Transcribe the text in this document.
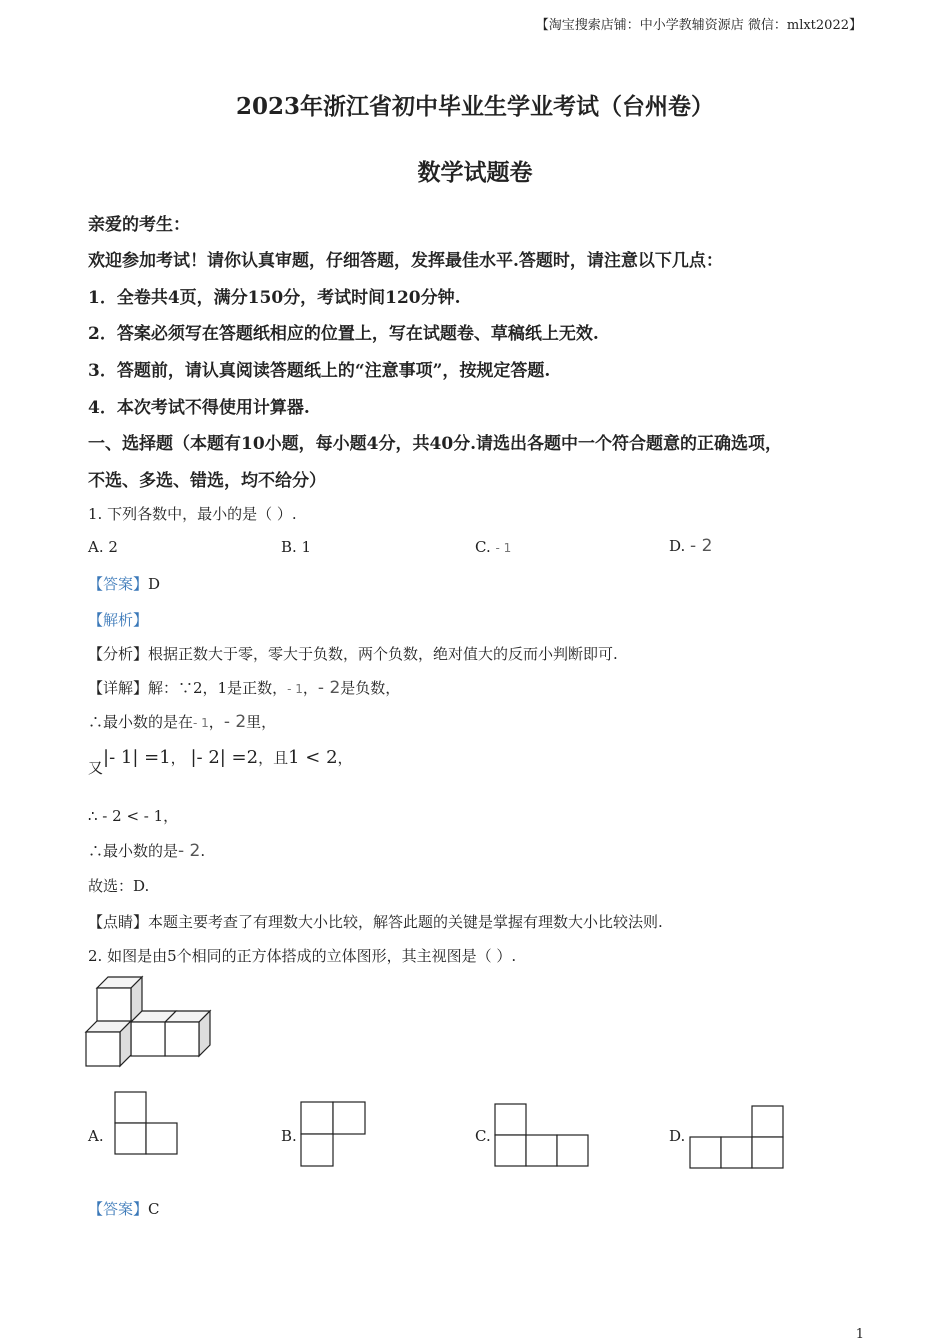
【淘宝搜索店铺：中小学教辅资源店 微信：mlxt2022】
2023年浙江省初中毕业生学业考试（台州卷）
数学试题卷
亲爱的考生：
欢迎参加考试！请你认真审题，仔细答题，发挥最佳水平.答题时，请注意以下几点：
1．全卷共4页，满分150分，考试时间120分钟.
2．答案必须写在答题纸相应的位置上，写在试题卷、草稿纸上无效.
3．答题前，请认真阅读答题纸上的“注意事项”，按规定答题.
4．本次考试不得使用计算器.
一、选择题（本题有10小题，每小题4分，共40分.请选出各题中一个符合题意的正确选项，
不选、多选、错选，均不给分）
1. 下列各数中，最小的是（ ）.
A. 2	B. 1	C. - 1	D. - 2
【答案】D
【解析】
【分析】根据正数大于零，零大于负数，两个负数，绝对值大的反而小判断即可.
【详解】解：∵2，1是正数，- 1，- 2是负数，
∴最小数的是在- 1，- 2里，
又|- 1| =1， |- 2| =2，且1 < 2，
∴ - 2 < - 1，
∴最小数的是- 2.
故选：D.
【点睛】本题主要考查了有理数大小比较，解答此题的关键是掌握有理数大小比较法则.
2. 如图是由5个相同的正方体搭成的立体图形，其主视图是（ ）.
A.	B.	C.	D.
【答案】C
1
